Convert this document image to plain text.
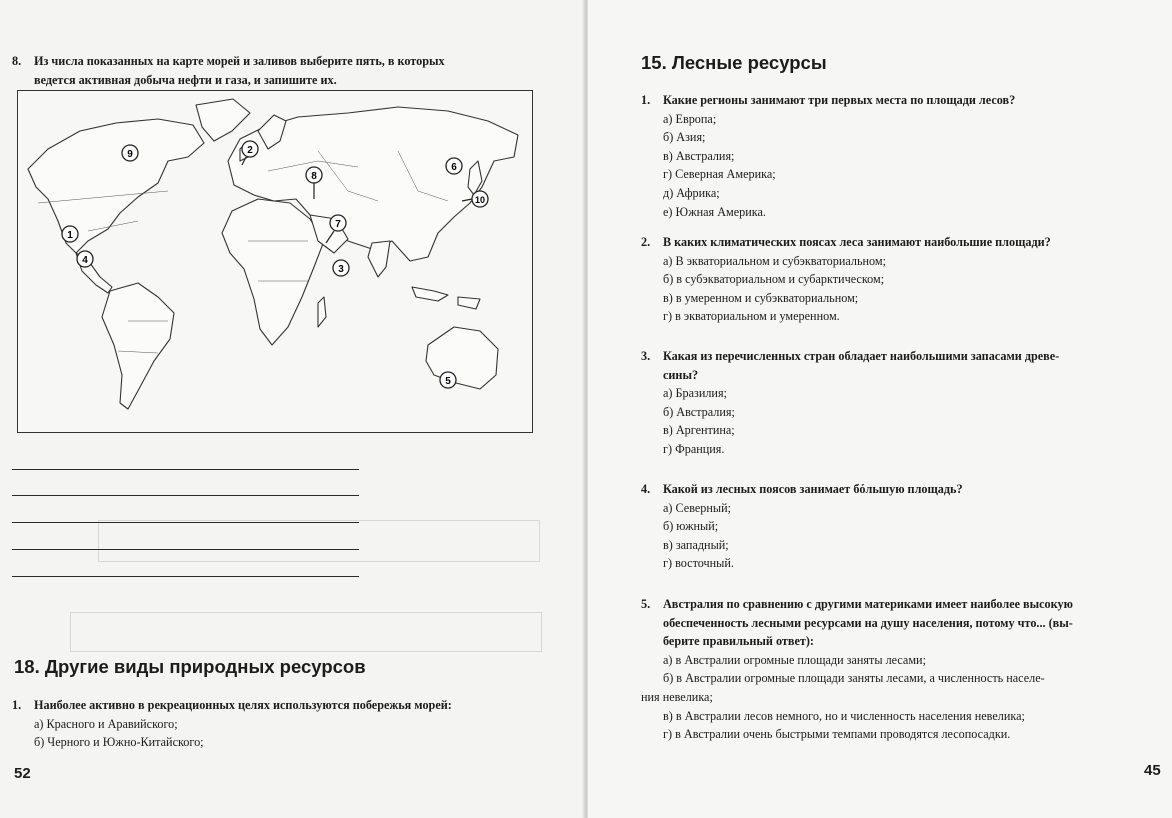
8. Из числа показанных на карте морей и заливов выберите пять, в которых
ведется активная добыча нефти и газа, и запишите их.
1
2
3
4
5
6
7
8
9
10
18. Другие виды природных ресурсов
1. Наиболее активно в рекреационных целях используются побережья морей:
а) Красного и Аравийского;
б) Черного и Южно-Китайского;
52
15. Лесные ресурсы
1. Какие регионы занимают три первых места по площади лесов?
а) Европа;
б) Азия;
в) Австралия;
г) Северная Америка;
д) Африка;
е) Южная Америка.
2. В каких климатических поясах леса занимают наибольшие площади?
а) В экваториальном и субэкваториальном;
б) в субэкваториальном и субарктическом;
в) в умеренном и субэкваториальном;
г) в экваториальном и умеренном.
3. Какая из перечисленных стран обладает наибольшими запасами древе-
сины?
а) Бразилия;
б) Австралия;
в) Аргентина;
г) Франция.
4. Какой из лесных поясов занимает бóльшую площадь?
а) Северный;
б) южный;
в) западный;
г) восточный.
5. Австралия по сравнению с другими материками имеет наиболее высокую
обеспеченность лесными ресурсами на душу населения, потому что... (вы-
берите правильный ответ):
а) в Австралии огромные площади заняты лесами;
б) в Австралии огромные площади заняты лесами, а численность населе-
ния невелика;
в) в Австралии лесов немного, но и численность населения невелика;
г) в Австралии очень быстрыми темпами проводятся лесопосадки.
45
